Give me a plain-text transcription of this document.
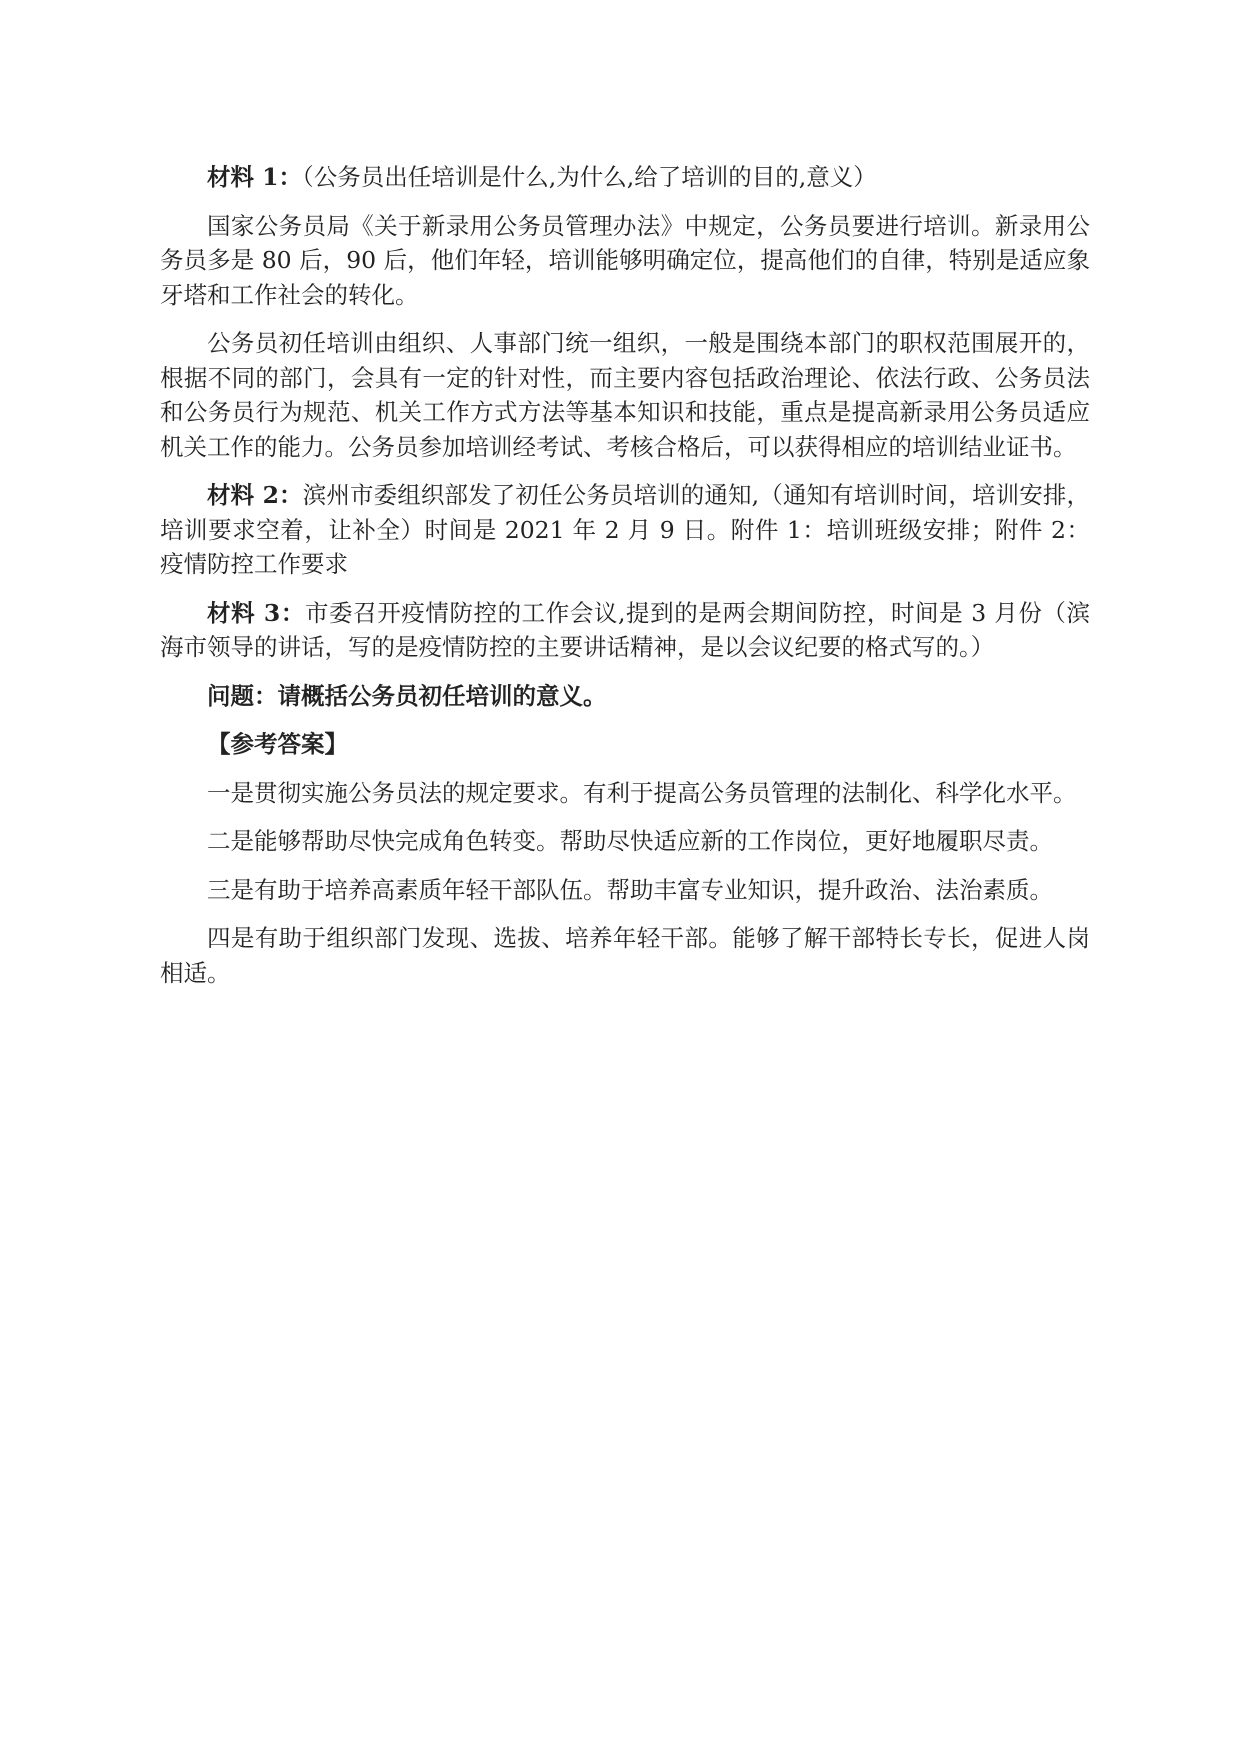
材料 1：（公务员出任培训是什么,为什么,给了培训的目的,意义）

国家公务员局《关于新录用公务员管理办法》中规定，公务员要进行培训。新录用公务员多是 80 后，90 后，他们年轻，培训能够明确定位，提高他们的自律，特别是适应象牙塔和工作社会的转化。

公务员初任培训由组织、人事部门统一组织，一般是围绕本部门的职权范围展开的，根据不同的部门，会具有一定的针对性，而主要内容包括政治理论、依法行政、公务员法和公务员行为规范、机关工作方式方法等基本知识和技能，重点是提高新录用公务员适应机关工作的能力。公务员参加培训经考试、考核合格后，可以获得相应的培训结业证书。

材料 2：滨州市委组织部发了初任公务员培训的通知,（通知有培训时间，培训安排，培训要求空着，让补全）时间是 2021 年 2 月 9 日。附件 1：培训班级安排；附件 2：疫情防控工作要求

材料 3：市委召开疫情防控的工作会议,提到的是两会期间防控，时间是 3 月份（滨海市领导的讲话，写的是疫情防控的主要讲话精神，是以会议纪要的格式写的。）

问题：请概括公务员初任培训的意义。

【参考答案】

一是贯彻实施公务员法的规定要求。有利于提高公务员管理的法制化、科学化水平。

二是能够帮助尽快完成角色转变。帮助尽快适应新的工作岗位，更好地履职尽责。

三是有助于培养高素质年轻干部队伍。帮助丰富专业知识，提升政治、法治素质。

四是有助于组织部门发现、选拔、培养年轻干部。能够了解干部特长专长，促进人岗相适。
